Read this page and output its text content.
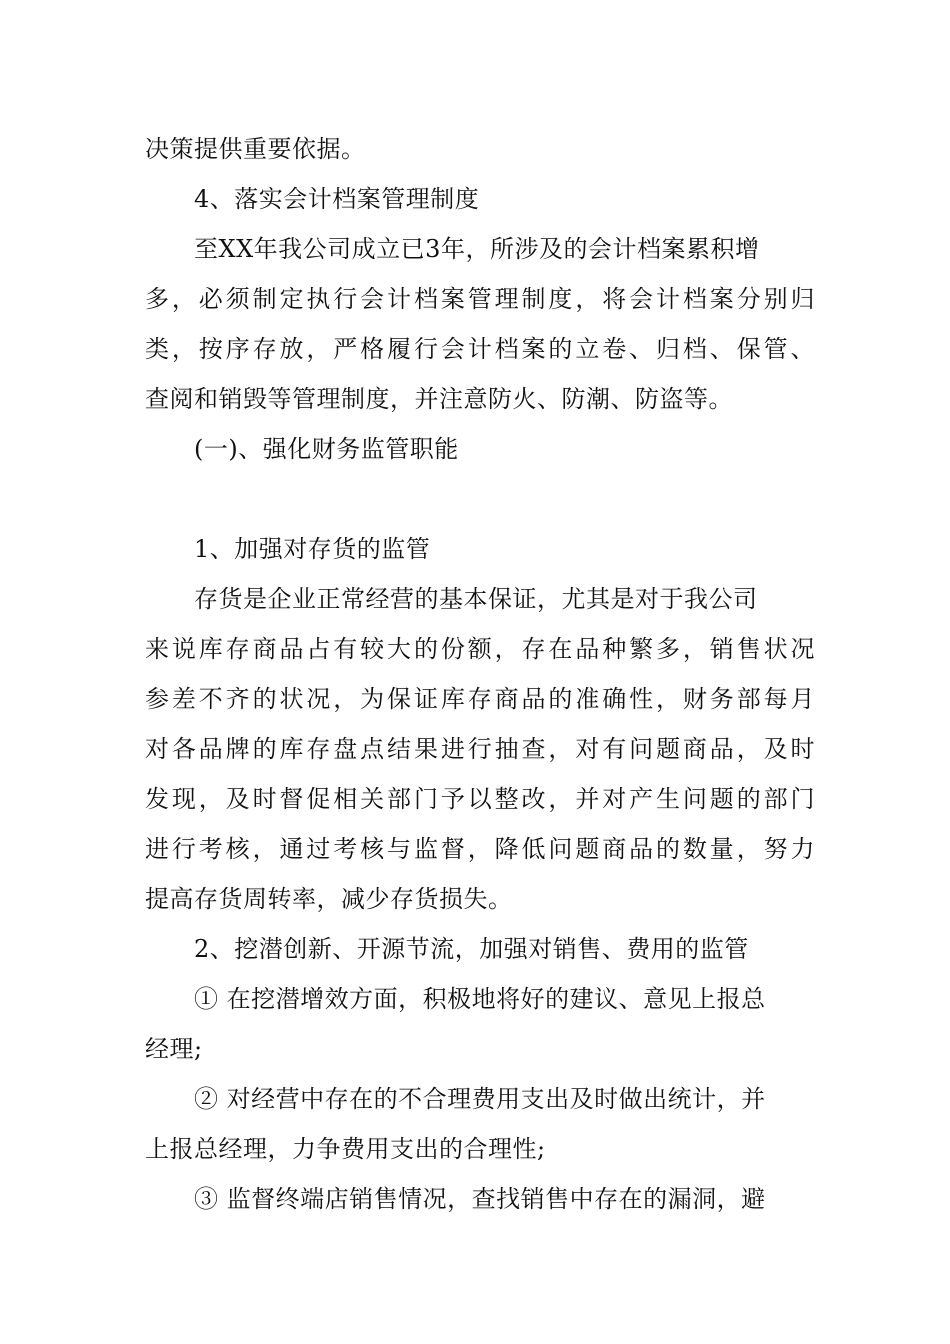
决策提供重要依据。
4、落实会计档案管理制度
至XX年我公司成立已3年，所涉及的会计档案累积增
多，必须制定执行会计档案管理制度，将会计档案分别归
类，按序存放，严格履行会计档案的立卷、归档、保管、
查阅和销毁等管理制度，并注意防火、防潮、防盗等。
(一)、强化财务监管职能
1、加强对存货的监管
存货是企业正常经营的基本保证，尤其是对于我公司
来说库存商品占有较大的份额，存在品种繁多，销售状况
参差不齐的状况，为保证库存商品的准确性，财务部每月
对各品牌的库存盘点结果进行抽查，对有问题商品，及时
发现，及时督促相关部门予以整改，并对产生问题的部门
进行考核，通过考核与监督，降低问题商品的数量，努力
提高存货周转率，减少存货损失。
2、挖潜创新、开源节流，加强对销售、费用的监管
① 在挖潜增效方面，积极地将好的建议、意见上报总
经理;
② 对经营中存在的不合理费用支出及时做出统计，并
上报总经理，力争费用支出的合理性;
③ 监督终端店销售情况，查找销售中存在的漏洞，避
